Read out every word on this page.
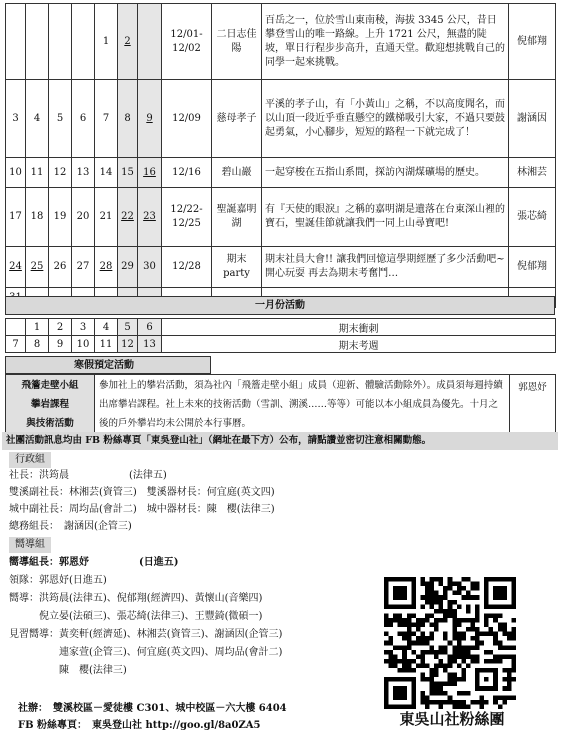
				1	2		12/01-12/02	二日志佳陽	百岳之一，位於雪山東南稜，海拔 3345 公尺，昔日攀登雪山的唯一路線。上升 1721 公尺，無盡的陡坡，單日行程步步高升，直通天堂。歡迎想挑戰自己的同學一起來挑戰。	倪郁翔
3	4	5	6	7	8	9	12/09	慈母孝子	平溪的孝子山，有「小黃山」之稱，不以高度聞名，而以山頂一段近乎垂直懸空的鐵梯吸引大家，不過只要鼓起勇氣，小心腳步，短短的路程一下就完成了！	謝涵因
10	11	12	13	14	15	16	12/16	碧山巖	一起穿梭在五指山系間，探訪內湖煤礦場的歷史。	林湘芸
17	18	19	20	21	22	23	12/22-12/25	聖誕嘉明湖	有『天使的眼淚』之稱的嘉明湖是遺落在台東深山裡的寶石，聖誕佳節就讓我們一同上山尋寶吧!	張芯綺
24	25	26	27	28	29	30	12/28	期末 party	期末社員大會!! 讓我們回憶這學期經歷了多少活動吧~ 開心玩耍 再去為期末考奮鬥…	倪郁翔

一月份活動
	1	2	3	4	5	6	期末衝刺
7	8	9	10	11	12	13	期末考週
寒假預定活動
飛簷走壁小組
攀岩課程
與技術活動
	參加社上的攀岩活動，須為社內「飛簷走壁小組」成員（迎新、體驗活動除外）。成員須每週持續出席攀岩課程。社上未來的技術活動（雪訓、溯溪……等等）可能以本小組成員為優先。十月之後的戶外攀岩均未公開於本行事曆。	郭恩妤
社團活動訊息均由 FB 粉絲專頁「東吳登山社」（網址在最下方）公布，請點讚並密切注意相關動態。
行政組
社長：洪筠晨　　　　　　(法律五)
雙溪副社長：林湘芸(資管三)　雙溪器材長：何宜庭(英文四)
城中副社長：周均品(會計二)　城中器材長：陳　櫻(法律三)
總務組長：　謝涵因(企管三)
嚮導組
嚮導組長：郭恩妤　　　　　(日進五)
領隊：郭恩妤(日進五)
嚮導：洪筠晨(法律五)、倪郁翔(經濟四)、黃懷山(音樂四)
　　　倪立晏(法碩三)、張芯綺(法律三)、王豐錡(微碩一)
見習嚮導：黃奕軒(經濟延)、林湘芸(資管三)、謝涵因(企管三)
　　　　　連家萱(企管三)、何宜庭(英文四)、周均品(會計二)
　　　　　陳　櫻(法律三)
社辦：　雙溪校區－愛徒樓 C301、城中校區－六大樓 6404
FB 粉絲專頁：　東吳登山社 http://goo.gl/8a0ZA5	東吳山社粉絲團
